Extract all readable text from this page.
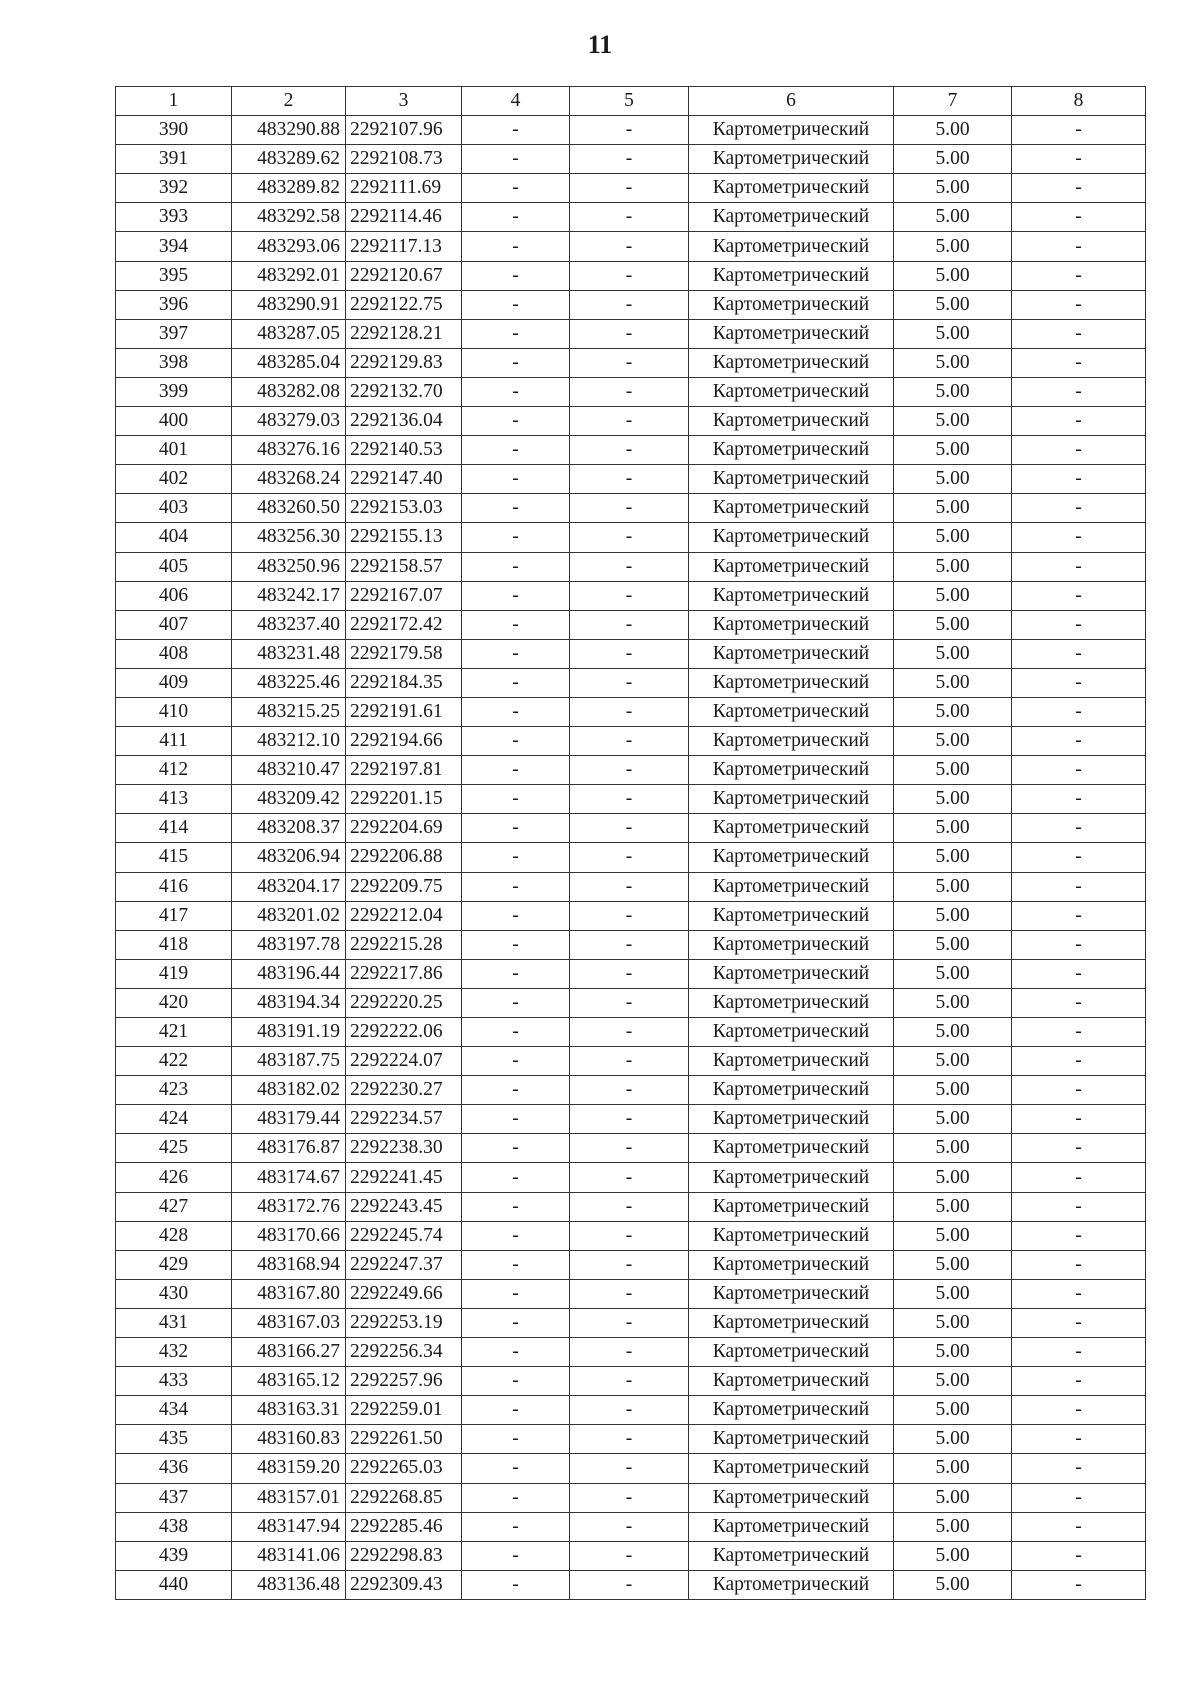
11
1	2	3	4	5	6	7	8
390	483290.88	2292107.96	-	-	Картометрический	5.00	-
391	483289.62	2292108.73	-	-	Картометрический	5.00	-
392	483289.82	2292111.69	-	-	Картометрический	5.00	-
393	483292.58	2292114.46	-	-	Картометрический	5.00	-
394	483293.06	2292117.13	-	-	Картометрический	5.00	-
395	483292.01	2292120.67	-	-	Картометрический	5.00	-
396	483290.91	2292122.75	-	-	Картометрический	5.00	-
397	483287.05	2292128.21	-	-	Картометрический	5.00	-
398	483285.04	2292129.83	-	-	Картометрический	5.00	-
399	483282.08	2292132.70	-	-	Картометрический	5.00	-
400	483279.03	2292136.04	-	-	Картометрический	5.00	-
401	483276.16	2292140.53	-	-	Картометрический	5.00	-
402	483268.24	2292147.40	-	-	Картометрический	5.00	-
403	483260.50	2292153.03	-	-	Картометрический	5.00	-
404	483256.30	2292155.13	-	-	Картометрический	5.00	-
405	483250.96	2292158.57	-	-	Картометрический	5.00	-
406	483242.17	2292167.07	-	-	Картометрический	5.00	-
407	483237.40	2292172.42	-	-	Картометрический	5.00	-
408	483231.48	2292179.58	-	-	Картометрический	5.00	-
409	483225.46	2292184.35	-	-	Картометрический	5.00	-
410	483215.25	2292191.61	-	-	Картометрический	5.00	-
411	483212.10	2292194.66	-	-	Картометрический	5.00	-
412	483210.47	2292197.81	-	-	Картометрический	5.00	-
413	483209.42	2292201.15	-	-	Картометрический	5.00	-
414	483208.37	2292204.69	-	-	Картометрический	5.00	-
415	483206.94	2292206.88	-	-	Картометрический	5.00	-
416	483204.17	2292209.75	-	-	Картометрический	5.00	-
417	483201.02	2292212.04	-	-	Картометрический	5.00	-
418	483197.78	2292215.28	-	-	Картометрический	5.00	-
419	483196.44	2292217.86	-	-	Картометрический	5.00	-
420	483194.34	2292220.25	-	-	Картометрический	5.00	-
421	483191.19	2292222.06	-	-	Картометрический	5.00	-
422	483187.75	2292224.07	-	-	Картометрический	5.00	-
423	483182.02	2292230.27	-	-	Картометрический	5.00	-
424	483179.44	2292234.57	-	-	Картометрический	5.00	-
425	483176.87	2292238.30	-	-	Картометрический	5.00	-
426	483174.67	2292241.45	-	-	Картометрический	5.00	-
427	483172.76	2292243.45	-	-	Картометрический	5.00	-
428	483170.66	2292245.74	-	-	Картометрический	5.00	-
429	483168.94	2292247.37	-	-	Картометрический	5.00	-
430	483167.80	2292249.66	-	-	Картометрический	5.00	-
431	483167.03	2292253.19	-	-	Картометрический	5.00	-
432	483166.27	2292256.34	-	-	Картометрический	5.00	-
433	483165.12	2292257.96	-	-	Картометрический	5.00	-
434	483163.31	2292259.01	-	-	Картометрический	5.00	-
435	483160.83	2292261.50	-	-	Картометрический	5.00	-
436	483159.20	2292265.03	-	-	Картометрический	5.00	-
437	483157.01	2292268.85	-	-	Картометрический	5.00	-
438	483147.94	2292285.46	-	-	Картометрический	5.00	-
439	483141.06	2292298.83	-	-	Картометрический	5.00	-
440	483136.48	2292309.43	-	-	Картометрический	5.00	-
